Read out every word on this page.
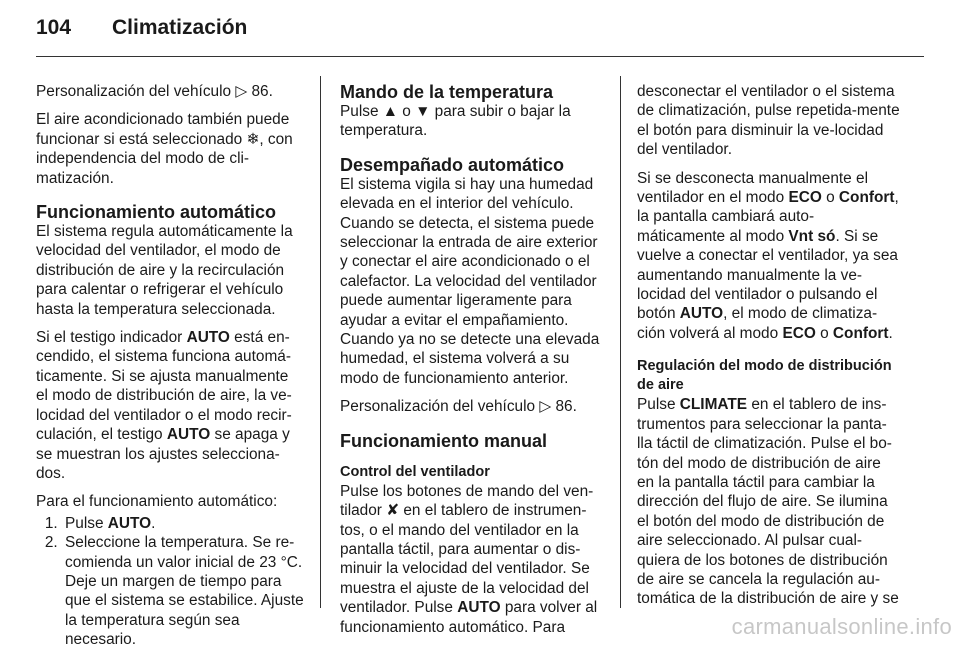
104 Climatización

Personalización del vehículo ▷ 86.

El aire acondicionado también puede funcionar si está seleccionado ❄, con independencia del modo de cli-matización.

Funcionamiento automático

El sistema regula automáticamente la velocidad del ventilador, el modo de distribución de aire y la recirculación para calentar o refrigerar el vehículo hasta la temperatura seleccionada.

Si el testigo indicador AUTO está en-cendido, el sistema funciona automá-ticamente. Si se ajusta manualmente el modo de distribución de aire, la ve-locidad del ventilador o el modo recir-culación, el testigo AUTO se apaga y se muestran los ajustes selecciona-dos.

Para el funcionamiento automático:

1. Pulse AUTO.
2. Seleccione la temperatura. Se re-comienda un valor inicial de 23 °C. Deje un margen de tiempo para que el sistema se estabilice. Ajuste la temperatura según sea necesario.
Mando de la temperatura

Pulse ▲ o ▼ para subir o bajar la temperatura.

Desempañado automático

El sistema vigila si hay una humedad elevada en el interior del vehículo. Cuando se detecta, el sistema puede seleccionar la entrada de aire exterior y conectar el aire acondicionado o el calefactor. La velocidad del ventilador puede aumentar ligeramente para ayudar a evitar el empañamiento. Cuando ya no se detecte una elevada humedad, el sistema volverá a su modo de funcionamiento anterior.

Personalización del vehículo ▷ 86.

Funcionamiento manual
Control del ventilador

Pulse los botones de mando del ven-tilador ✘ en el tablero de instrumen-tos, o el mando del ventilador en la pantalla táctil, para aumentar o dis-minuir la velocidad del ventilador. Se muestra el ajuste de la velocidad del ventilador. Pulse AUTO para volver al funcionamiento automático. Para

desconectar el ventilador o el sistema de climatización, pulse repetida-mente el botón para disminuir la ve-locidad del ventilador.

Si se desconecta manualmente el ventilador en el modo ECO o Confort, la pantalla cambiará auto-máticamente al modo Vnt só. Si se vuelve a conectar el ventilador, ya sea aumentando manualmente la ve-locidad del ventilador o pulsando el botón AUTO, el modo de climatiza-ción volverá al modo ECO o Confort.

Regulación del modo de distribución de aire

Pulse CLIMATE en el tablero de ins-trumentos para seleccionar la panta-lla táctil de climatización. Pulse el bo-tón del modo de distribución de aire en la pantalla táctil para cambiar la dirección del flujo de aire. Se ilumina el botón del modo de distribución de aire seleccionado. Al pulsar cual-quiera de los botones de distribución de aire se cancela la regulación au-tomática de la distribución de aire y se

carmanualsonline.info
